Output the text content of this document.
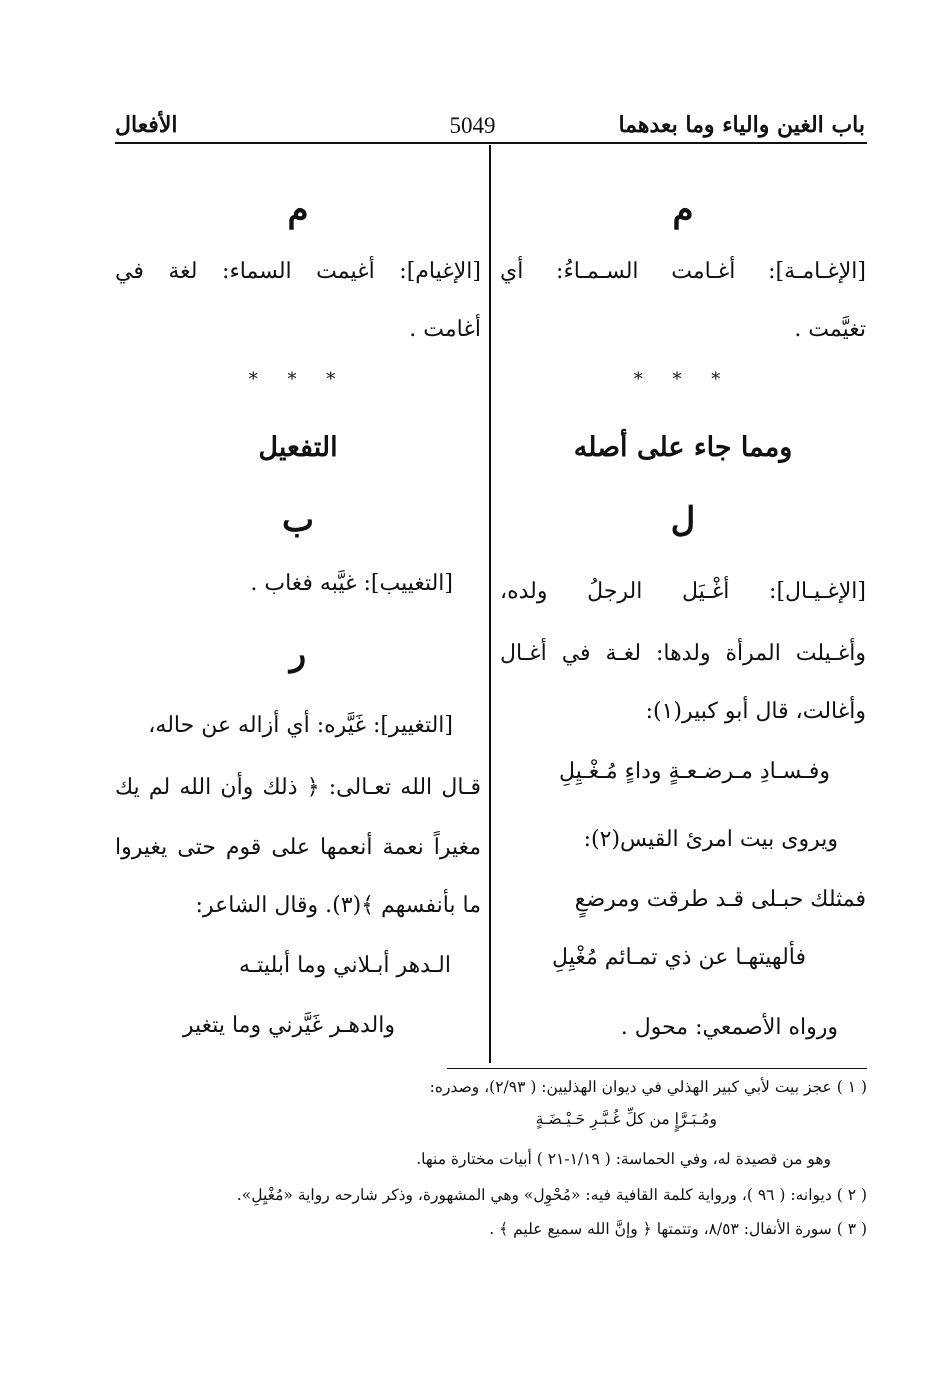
باب الغين والياء وما بعدهما
5049
الأفعال
م
[الإغـامـة]: أغـامت السـمـاءُ: أي
تغيَّمت .
* * *
ومما جاء على أصله
ل
[الإغـيـال]: أغْـيَل الرجلُ ولده،
وأغـيلت المرأة ولدها: لغـة في أغـال
وأغالت، قال أبو كبير(١):
وفـسـادِ مـرضـعـةٍ وداءٍ مُـغْـيِلِ
ويروى بيت امرئ القيس(٢):
فمثلك حبـلى قـد طرقت ومرضعٍ
فألهيتهـا عن ذي تمـائم مُغْيِلِ
ورواه الأصمعي: محول .
م
[الإغيام]: أغيمت السماء: لغة في
أغامت .
* * *
التفعيل
ب
[التغييب]: غيَّبه فغاب .
ر
[التغيير]: غَيَّره: أي أزاله عن حاله،
قـال الله تعـالى: ﴿ ذلك وأن الله لم يك
مغيراً نعمة أنعمها على قوم حتى يغيروا
ما بأنفسهم ﴾(٣). وقال الشاعر:
الـدهر أبـلاني وما أبليتـه
والدهـر غَيَّرني وما يتغير
( ١ ) عجز بيت لأبي كبير الهذلي في ديوان الهذليين: ( ٢/٩٣)، وصدره:
ومُـبَـرَّإٍ من كلِّ غُـبَّـرِ حَـيْـضَـةٍ
وهو من قصيدة له، وفي الحماسة: ( ١/١٩-٢١ ) أبيات مختارة منها.
( ٢ ) ديوانه: ( ٩٦ )، ورواية كلمة القافية فيه: «مُحْوِل» وهي المشهورة، وذكر شارحه رواية «مُغْيِلِ».
( ٣ ) سورة الأنفال: ٨/٥٣، وتتمتها ﴿ وإنَّ الله سميع عليم ﴾ .
